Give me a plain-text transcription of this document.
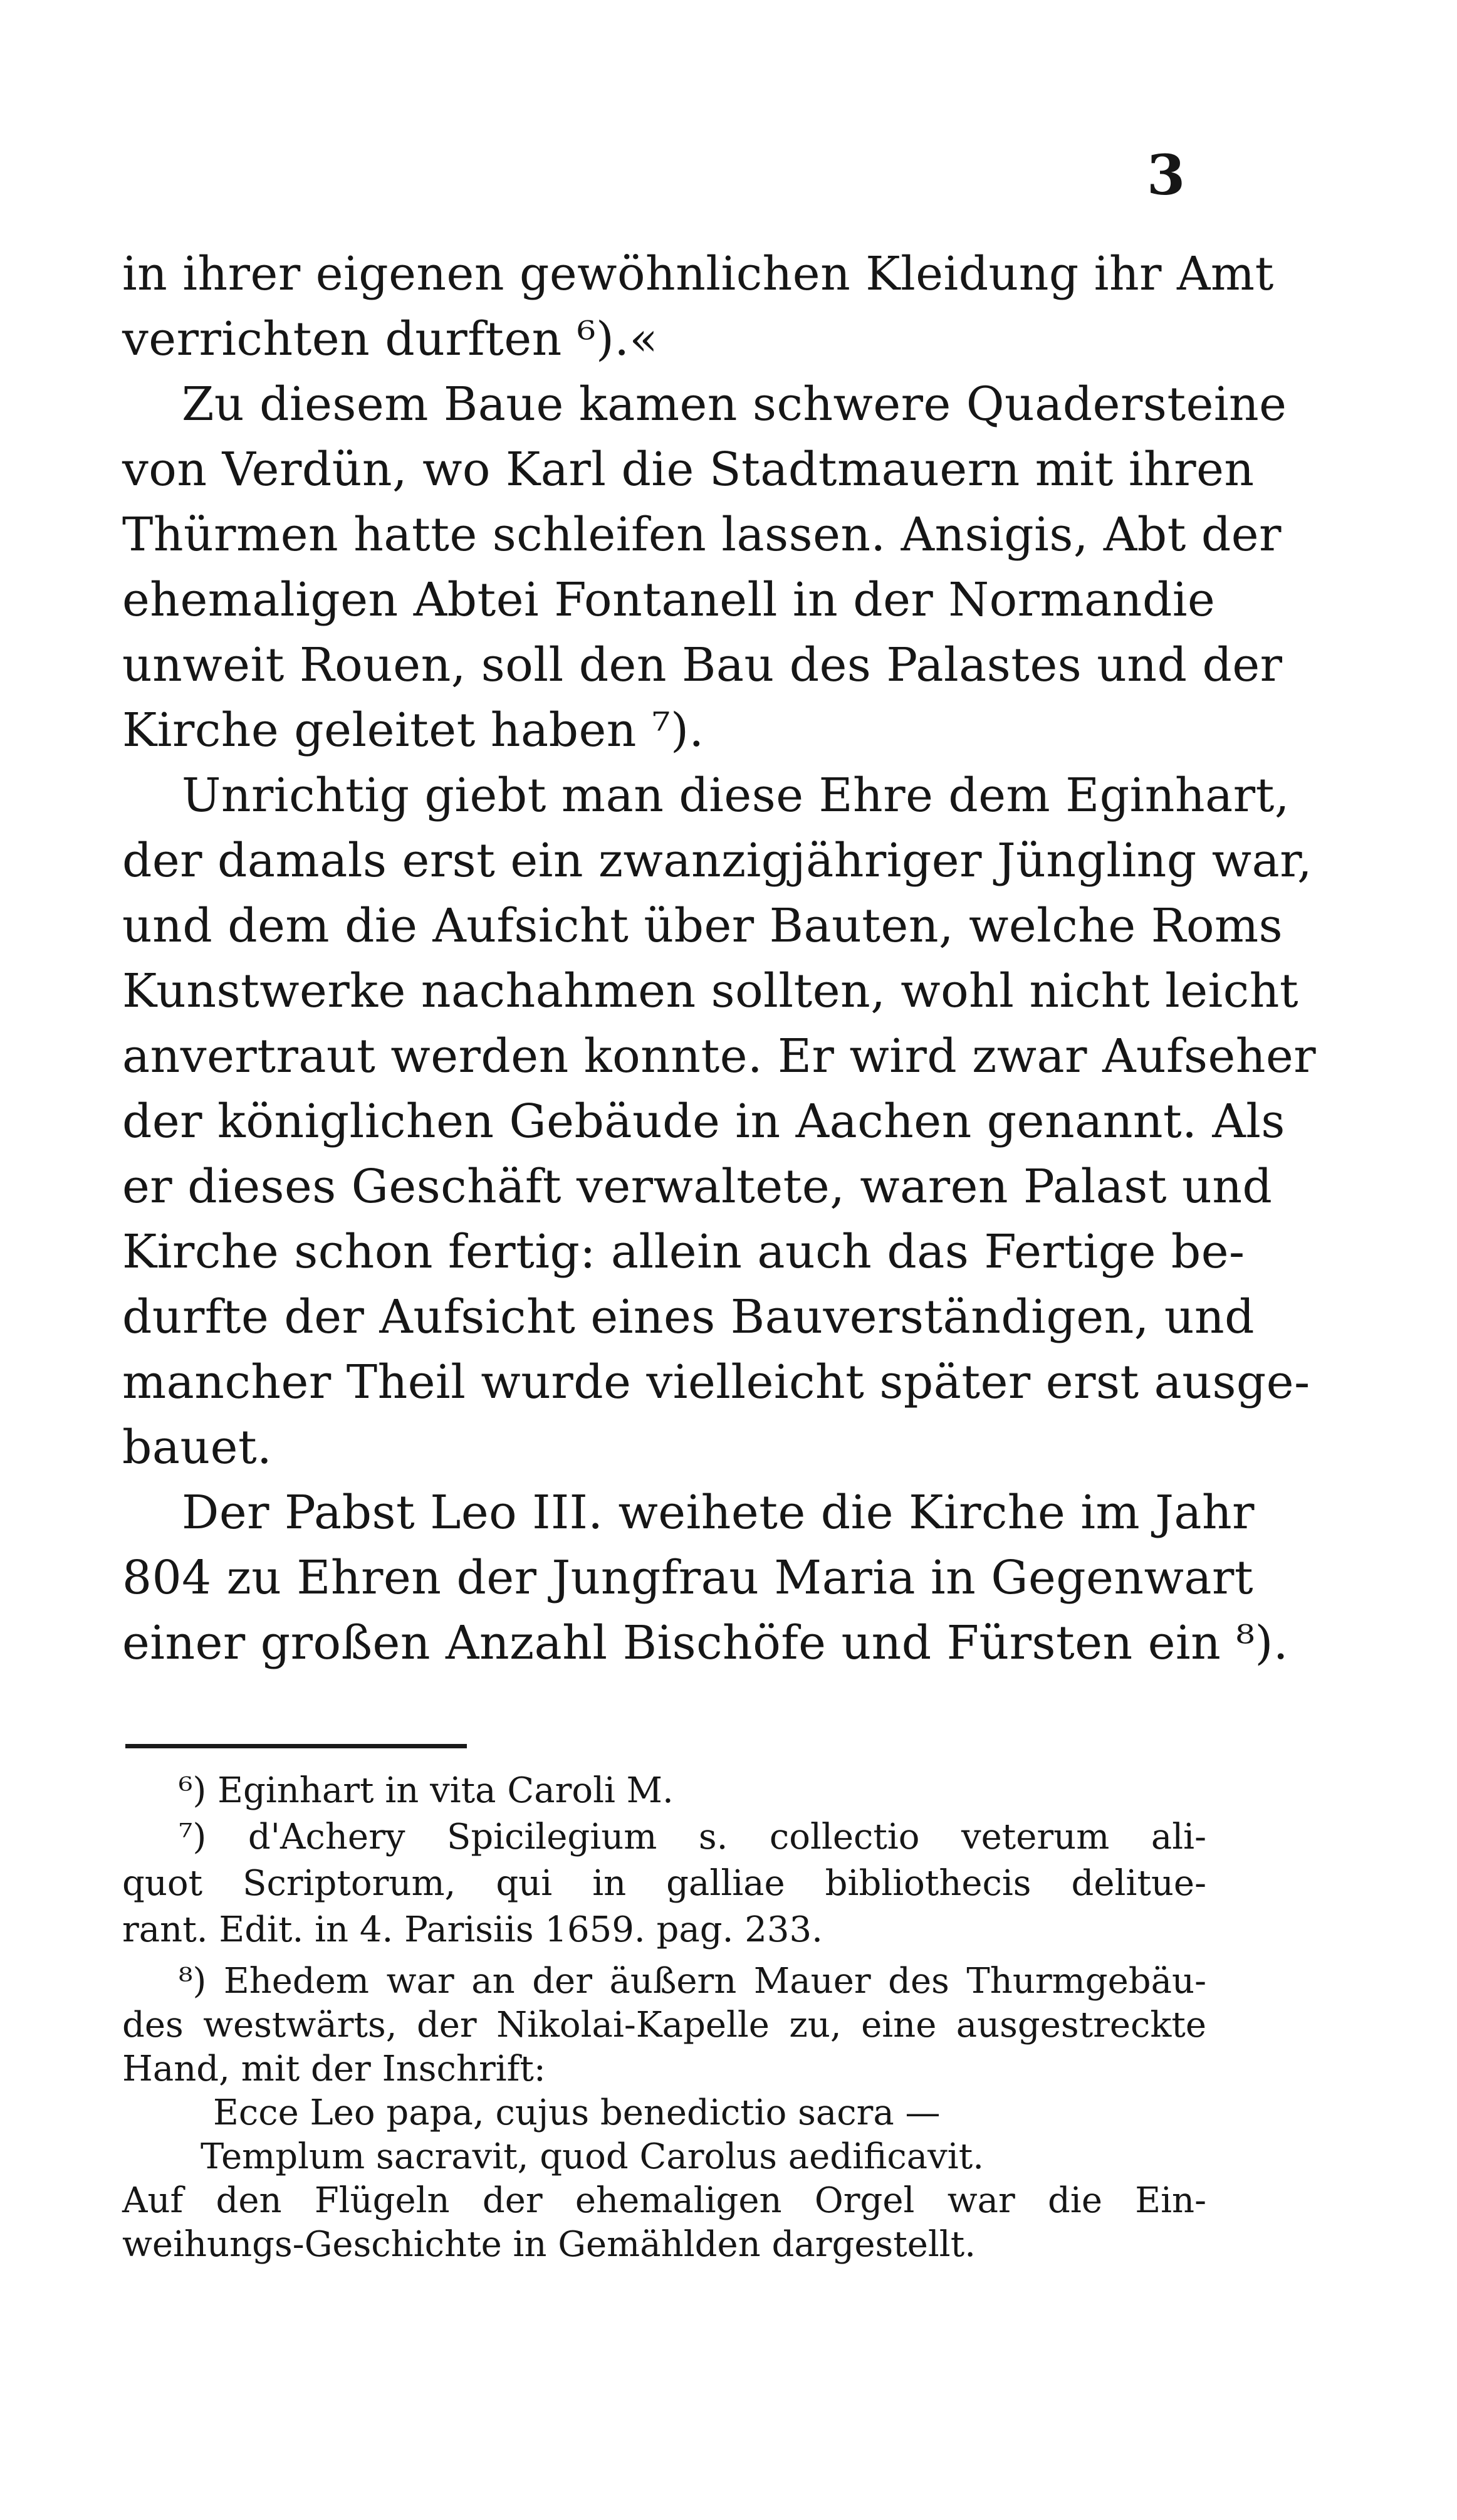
3
in ihrer eigenen gewöhnlichen Kleidung ihr Amt
verrichten durften ⁶).«
Zu diesem Baue kamen schwere Quadersteine
von Verdün, wo Karl die Stadtmauern mit ihren
Thürmen hatte schleifen lassen. Ansigis, Abt der
ehemaligen Abtei Fontanell in der Normandie
unweit Rouen, soll den Bau des Palastes und der
Kirche geleitet haben ⁷).
Unrichtig giebt man diese Ehre dem Eginhart,
der damals erst ein zwanzigjähriger Jüngling war,
und dem die Aufsicht über Bauten, welche Roms
Kunstwerke nachahmen sollten, wohl nicht leicht
anvertraut werden konnte. Er wird zwar Aufseher
der königlichen Gebäude in Aachen genannt. Als
er dieses Geschäft verwaltete, waren Palast und
Kirche schon fertig: allein auch das Fertige be-
durfte der Aufsicht eines Bauverständigen, und
mancher Theil wurde vielleicht später erst ausge-
bauet.
Der Pabst Leo III. weihete die Kirche im Jahr
804 zu Ehren der Jungfrau Maria in Gegenwart
einer großen Anzahl Bischöfe und Fürsten ein ⁸).
⁶) Eginhart in vita Caroli M.
⁷) d'Achery Spicilegium s. collectio veterum ali-
quot Scriptorum, qui in galliae bibliothecis delitue-
rant. Edit. in 4. Parisiis 1659. pag. 233.
⁸) Ehedem war an der äußern Mauer des Thurmgebäu-
des westwärts, der Nikolai-Kapelle zu, eine ausgestreckte
Hand, mit der Inschrift:
Ecce Leo papa, cujus benedictio sacra —
Templum sacravit, quod Carolus aedificavit.
Auf den Flügeln der ehemaligen Orgel war die Ein-
weihungs-Geschichte in Gemählden dargestellt.
